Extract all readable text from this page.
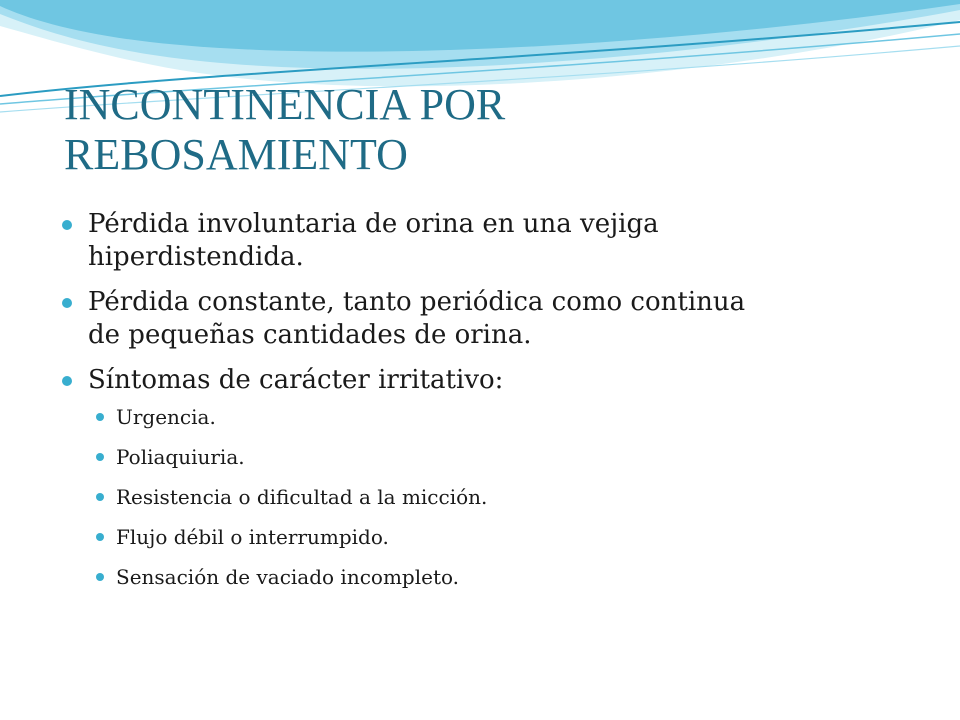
INCONTINENCIA POR
REBOSAMIENTO
Pérdida involuntaria de orina en una vejiga
hiperdistendida.
Pérdida constante, tanto periódica como continua
de pequeñas cantidades de orina.
Síntomas de carácter irritativo:
Urgencia.
Poliaquiuria.
Resistencia o dificultad a la micción.
Flujo débil o interrumpido.
Sensación de vaciado incompleto.
